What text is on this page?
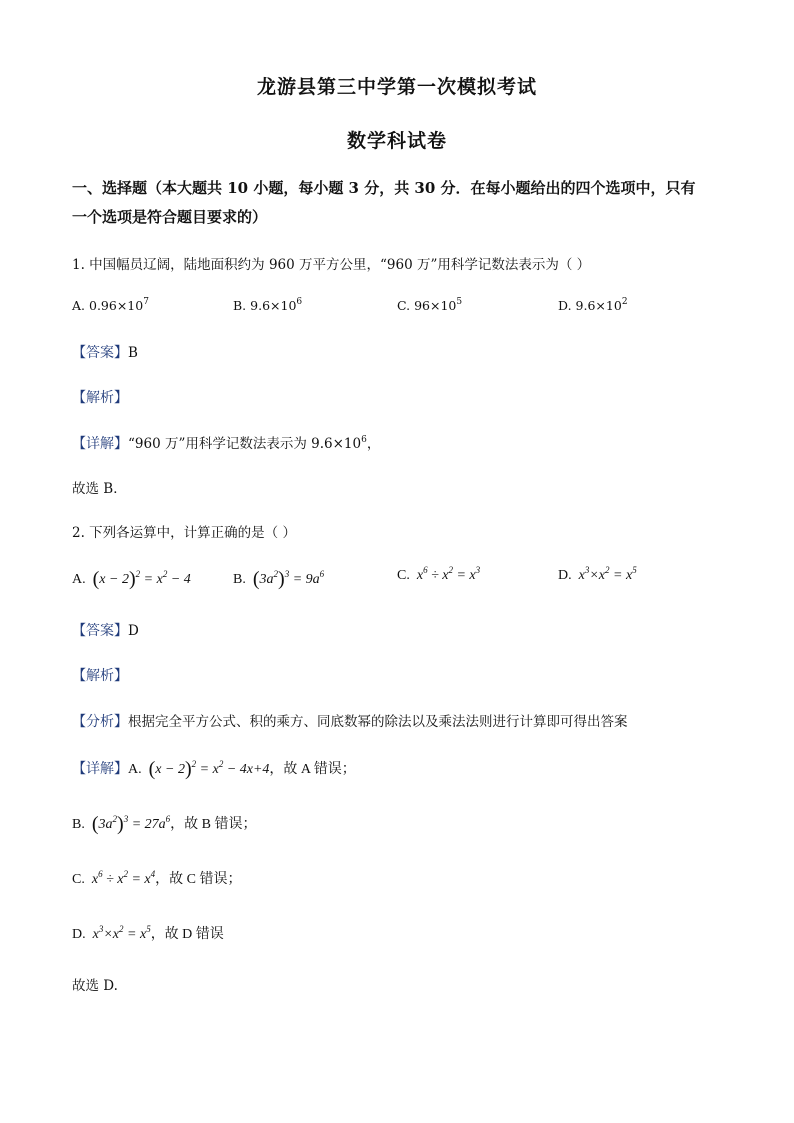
龙游县第三中学第一次模拟考试
数学科试卷
一、选择题（本大题共 10 小题，每小题 3 分，共 30 分．在每小题给出的四个选项中，只有
一个选项是符合题目要求的）
1. 中国幅员辽阔，陆地面积约为 960 万平方公里，“960 万”用科学记数法表示为（ ）
A. $0.96\times 10^7$	B. $9.6\times 10^6$	C. $96\times 10^5$	D. $9.6\times 10^2$
【答案】B
【解析】
【详解】“960 万”用科学记数法表示为 $9.6\times 10^6$，
故选 B．
2. 下列各运算中，计算正确的是（ ）
A. $(x - 2)^2 = x^2 - 4$	B. $(3a^2)^3 = 9a^6$	C. $x^6 \div x^2 = x^3$	D. $x^3\times x^2 = x^5$
【答案】D
【解析】
【分析】根据完全平方公式、积的乘方、同底数幂的除法以及乘法法则进行计算即可得出答案
【详解】A. $(x - 2)^2 = x^2 - 4x+4$，故 A 错误；
B. $(3a^2)^3 = 27a^6$，故 B 错误；
C. $x^6 \div x^2 = x^4$，故 C 错误；
D. $x^3\times x^2 = x^5$，故 D 错误
故选 D.
